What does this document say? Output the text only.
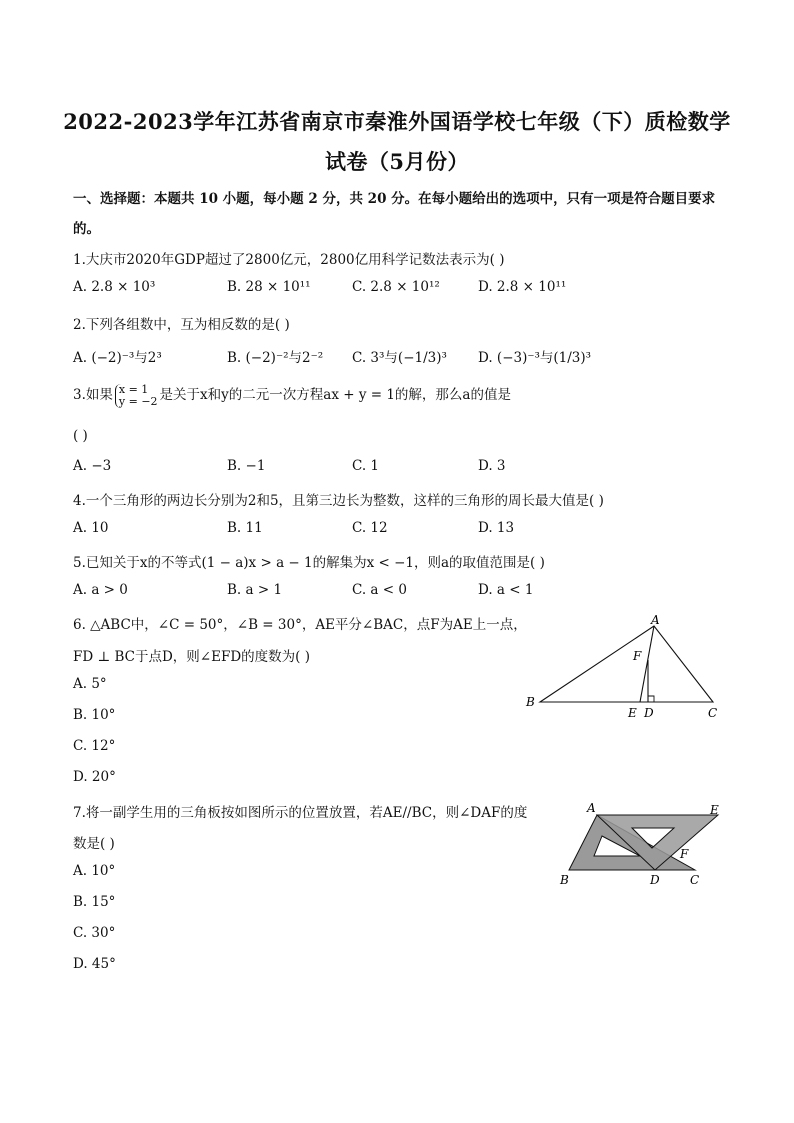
2022-2023学年江苏省南京市秦淮外国语学校七年级（下）质检数学
试卷（5月份）
一、选择题：本题共 10 小题，每小题 2 分，共 20 分。在每小题给出的选项中，只有一项是符合题目要求
的。
1.大庆市2020年GDP超过了2800亿元，2800亿用科学记数法表示为( )
A. 2.8 × 10³	B. 28 × 10¹¹	C. 2.8 × 10¹²	D. 2.8 × 10¹¹
2.下列各组数中，互为相反数的是( )
A. (−2)⁻³与2³	B. (−2)⁻²与2⁻² C. 3³与(−1/3)³ D. (−3)⁻³与(1/3)³
3.如果 x = 1
y = −2 是关于x和y的二元一次方程ax + y = 1的解，那么a的值是
( )
A. −3	B. −1	C. 1	D. 3
4.一个三角形的两边长分别为2和5，且第三边长为整数，这样的三角形的周长最大值是( )
A. 10	B. 11	C. 12	D. 13
5.已知关于x的不等式(1 − a)x > a − 1的解集为x < −1，则a的取值范围是( )
A. a > 0	B. a > 1	C. a < 0	D. a < 1
6. △ABC中，∠C = 50°，∠B = 30°，AE平分∠BAC，点F为AE上一点，
FD ⊥ BC于点D，则∠EFD的度数为( )
A. 5°
B. 10°
C. 12°
D. 20°
A
B
C
E D
F
7.将一副学生用的三角板按如图所示的位置放置，若AE//BC，则∠DAF的度
数是( )
A. 10°
B. 15°
C. 30°
D. 45°
A	E
B	D	C
F
